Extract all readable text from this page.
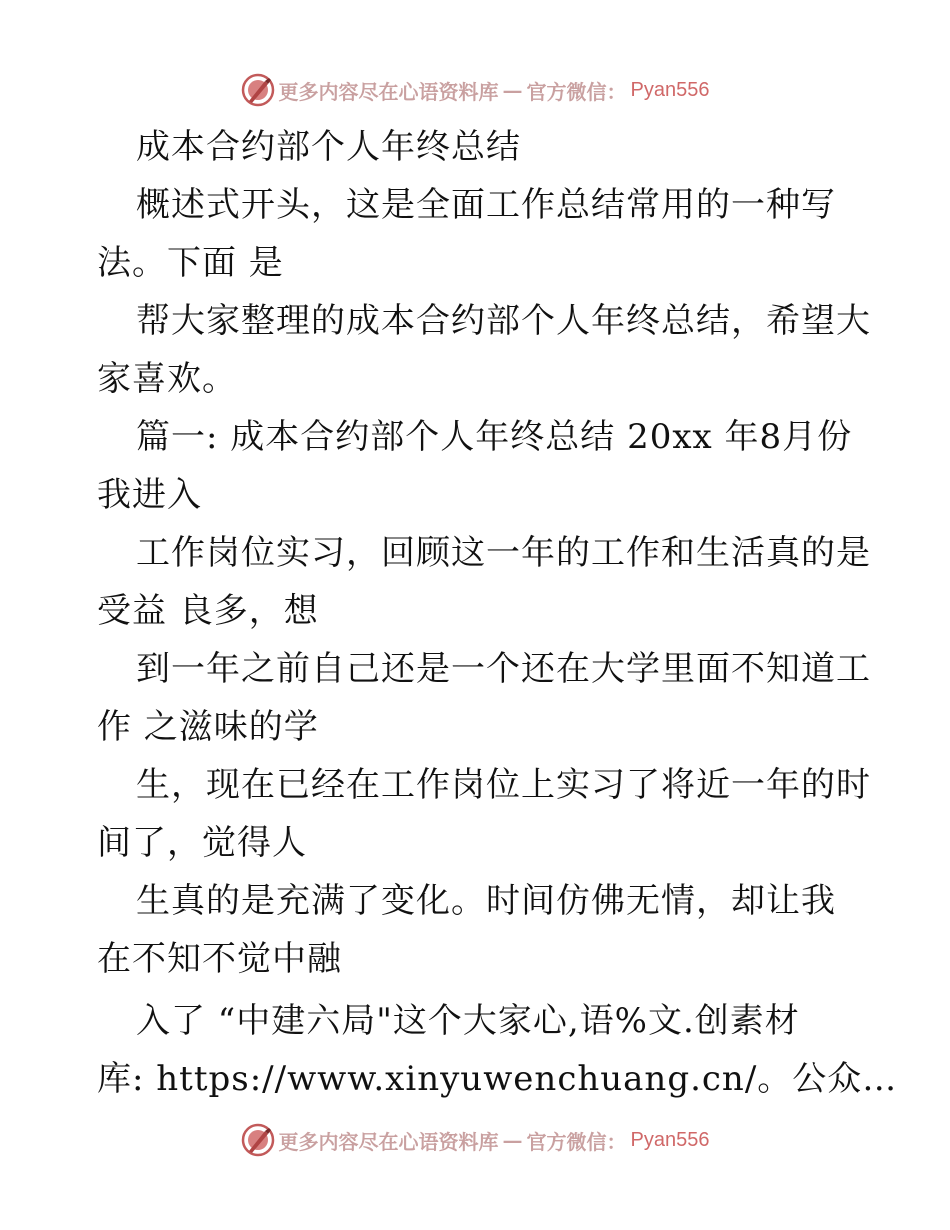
更多内容尽在心语资料库 — 官方微信： Pyan556
成本合约部个人年终总结
概述式开头，这是全面工作总结常用的一种写
法。下面 是
帮大家整理的成本合约部个人年终总结，希望大
家喜欢。
篇一: 成本合约部个人年终总结 20xx 年8月份
我进入
工作岗位实习，回顾这一年的工作和生活真的是
受益 良多，想
到一年之前自己还是一个还在大学里面不知道工
作 之滋味的学
生，现在已经在工作岗位上实习了将近一年的时
间了，觉得人
生真的是充满了变化。时间仿佛无情，却让我
在不知不觉中融
入了 “中建六局"这个大家心,语%文.创素材
库: https://www.xinyuwenchuang.cn/。公众…
更多内容尽在心语资料库 — 官方微信： Pyan556
